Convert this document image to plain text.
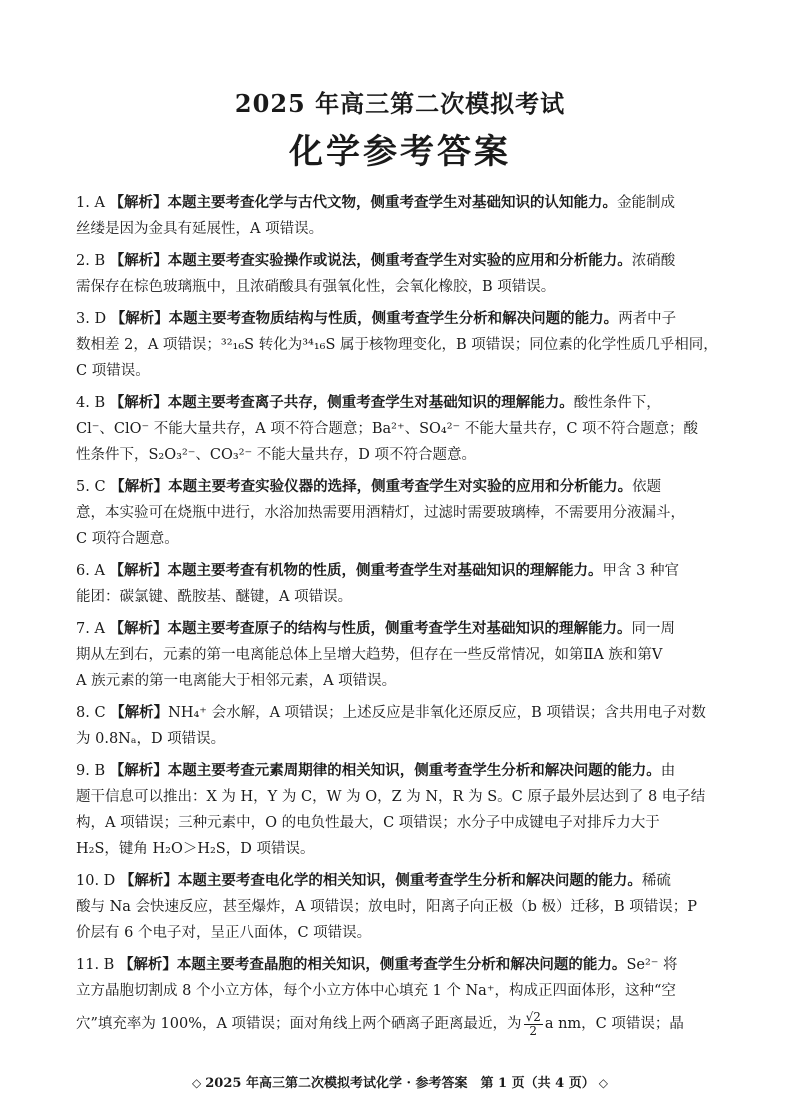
2025 年高三第二次模拟考试
化学参考答案
1. A 【解析】本题主要考查化学与古代文物，侧重考查学生对基础知识的认知能力。金能制成
丝缕是因为金具有延展性，A 项错误。
2. B 【解析】本题主要考查实验操作或说法，侧重考查学生对实验的应用和分析能力。浓硝酸
需保存在棕色玻璃瓶中，且浓硝酸具有强氧化性，会氧化橡胶，B 项错误。
3. D 【解析】本题主要考查物质结构与性质，侧重考查学生分析和解决问题的能力。两者中子
数相差 2，A 项错误；³²₁₆S 转化为³⁴₁₆S 属于核物理变化，B 项错误；同位素的化学性质几乎相同，
C 项错误。
4. B 【解析】本题主要考查离子共存，侧重考查学生对基础知识的理解能力。酸性条件下，
Cl⁻、ClO⁻ 不能大量共存，A 项不符合题意；Ba²⁺、SO₄²⁻ 不能大量共存，C 项不符合题意；酸
性条件下，S₂O₃²⁻、CO₃²⁻ 不能大量共存，D 项不符合题意。
5. C 【解析】本题主要考查实验仪器的选择，侧重考查学生对实验的应用和分析能力。依题
意，本实验可在烧瓶中进行，水浴加热需要用酒精灯，过滤时需要玻璃棒，不需要用分液漏斗，
C 项符合题意。
6. A 【解析】本题主要考查有机物的性质，侧重考查学生对基础知识的理解能力。甲含 3 种官
能团：碳氯键、酰胺基、醚键，A 项错误。
7. A 【解析】本题主要考查原子的结构与性质，侧重考查学生对基础知识的理解能力。同一周
期从左到右，元素的第一电离能总体上呈增大趋势，但存在一些反常情况，如第ⅡA 族和第Ⅴ
A 族元素的第一电离能大于相邻元素，A 项错误。
8. C 【解析】NH₄⁺ 会水解，A 项错误；上述反应是非氧化还原反应，B 项错误；含共用电子对数
为 0.8Nₐ，D 项错误。
9. B 【解析】本题主要考查元素周期律的相关知识，侧重考查学生分析和解决问题的能力。由
题干信息可以推出：X 为 H，Y 为 C，W 为 O，Z 为 N，R 为 S。C 原子最外层达到了 8 电子结
构，A 项错误；三种元素中，O 的电负性最大，C 项错误；水分子中成键电子对排斥力大于
H₂S，键角 H₂O＞H₂S，D 项错误。
10. D 【解析】本题主要考查电化学的相关知识，侧重考查学生分析和解决问题的能力。稀硫
酸与 Na 会快速反应，甚至爆炸，A 项错误；放电时，阳离子向正极（b 极）迁移，B 项错误；P
价层有 6 个电子对，呈正八面体，C 项错误。
11. B 【解析】本题主要考查晶胞的相关知识，侧重考查学生分析和解决问题的能力。Se²⁻ 将
立方晶胞切割成 8 个小立方体，每个小立方体中心填充 1 个 Na⁺，构成正四面体形，这种“空
穴”填充率为 100%，A 项错误；面对角线上两个硒离子距离最近，为 $\frac{√2}{2}$ a nm，C 项错误；晶
◇ 2025 年高三第二次模拟考试化学 · 参考答案　第 1 页（共 4 页） ◇
